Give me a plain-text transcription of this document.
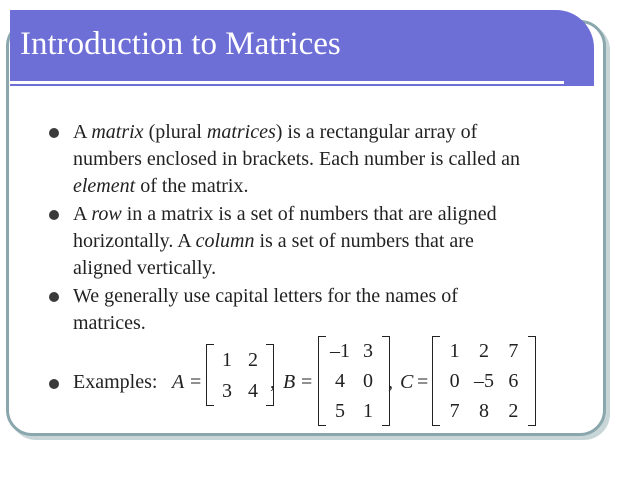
Introduction to Matrices
A matrix (plural matrices) is a rectangular array of
numbers enclosed in brackets. Each number is called an
element of the matrix.
A row in a matrix is a set of numbers that are aligned
horizontally. A column is a set of numbers that are
aligned vertically.
We generally use capital letters for the names of
matrices.
Examples: A =
1 2
3 4 , B =
–1 3
4 0
5 1
, C =
1 2 7
0 –5 6
7 8 2
